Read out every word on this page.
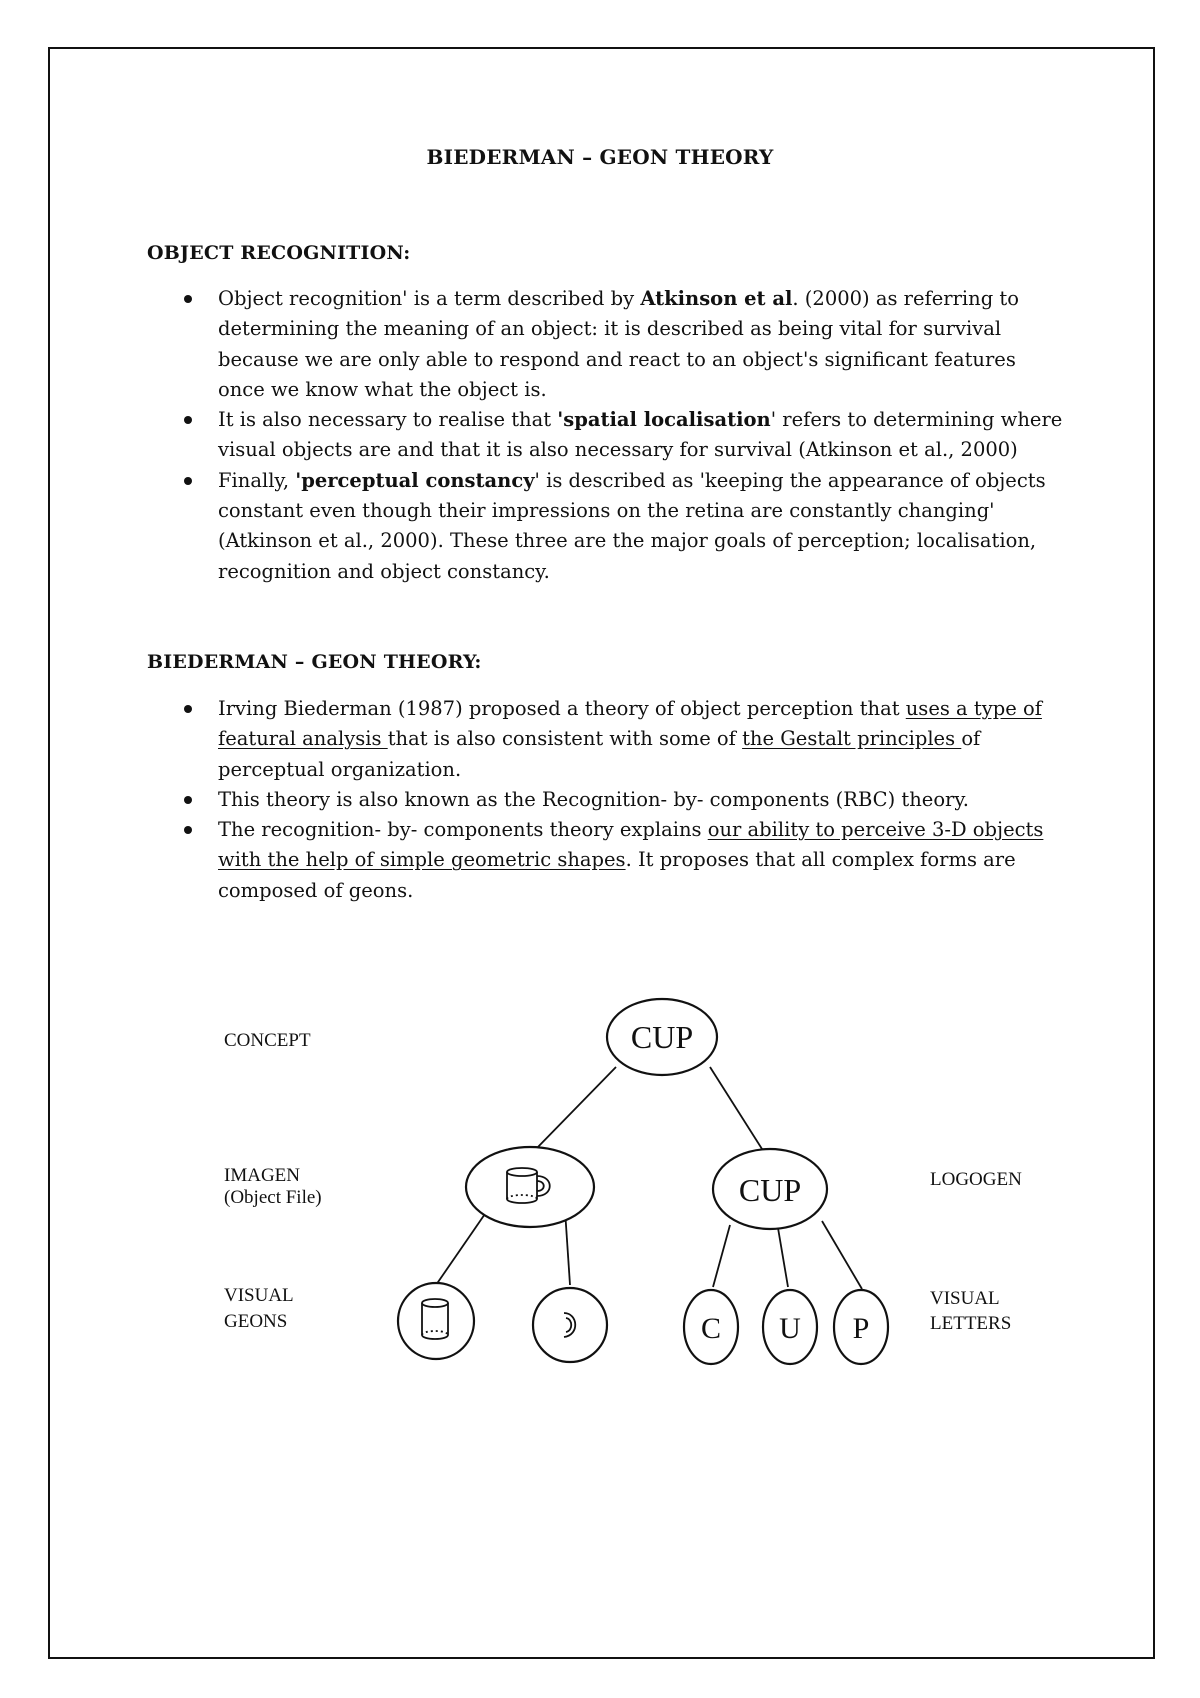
BIEDERMAN – GEON THEORY
OBJECT RECOGNITION:
Object recognition' is a term described by Atkinson et al. (2000) as referring to determining the meaning of an object: it is described as being vital for survival because we are only able to respond and react to an object's significant features once we know what the object is.
It is also necessary to realise that 'spatial localisation' refers to determining where visual objects are and that it is also necessary for survival (Atkinson et al., 2000)
Finally, 'perceptual constancy' is described as 'keeping the appearance of objects constant even though their impressions on the retina are constantly changing' (Atkinson et al., 2000). These three are the major goals of perception; localisation, recognition and object constancy.
BIEDERMAN – GEON THEORY:
Irving Biederman (1987) proposed a theory of object perception that uses a type of featural analysis that is also consistent with some of the Gestalt principles of perceptual organization.
This theory is also known as the Recognition- by- components (RBC) theory.
The recognition- by- components theory explains our ability to perceive 3-D objects with the help of simple geometric shapes. It proposes that all complex forms are composed of geons.
CONCEPT
IMAGEN
(Object File)
VISUAL
GEONS
LOGOGEN
VISUAL
LETTERS
CUP
CUP
C U P
